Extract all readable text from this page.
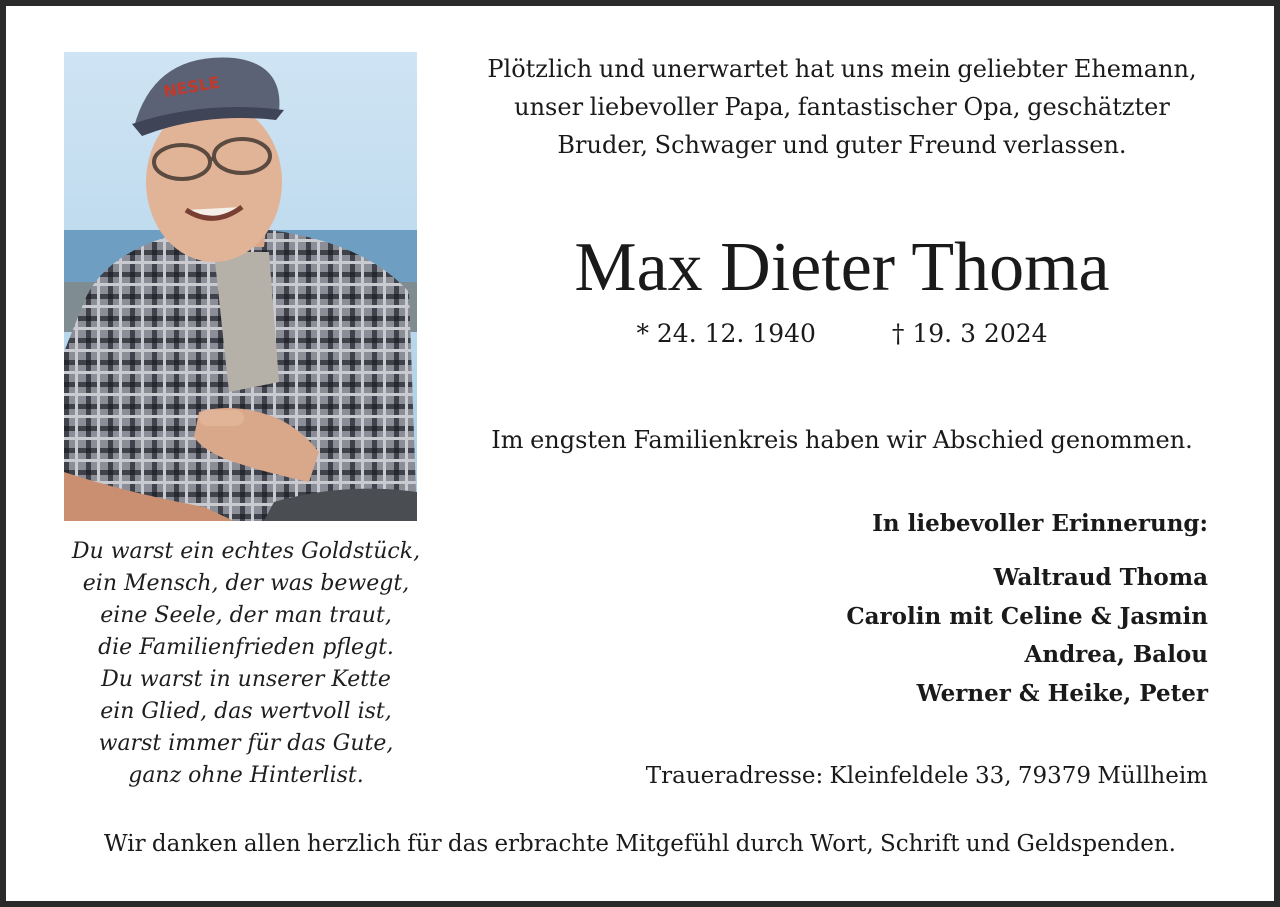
NESLE
Du warst ein echtes Goldstück,
ein Mensch, der was bewegt,
eine Seele, der man traut,
die Familienfrieden pflegt.
Du warst in unserer Kette
ein Glied, das wertvoll ist,
warst immer für das Gute,
ganz ohne Hinterlist.
Plötzlich und unerwartet hat uns mein geliebter Ehemann,
unser liebevoller Papa, fantastischer Opa, geschätzter
Bruder, Schwager und guter Freund verlassen.
Max Dieter Thoma
* 24. 12. 1940	† 19. 3 2024
Im engsten Familienkreis haben wir Abschied genommen.
In liebevoller Erinnerung:
Waltraud Thoma
Carolin mit Celine & Jasmin
Andrea, Balou
Werner & Heike, Peter
Traueradresse: Kleinfeldele 33, 79379 Müllheim
Wir danken allen herzlich für das erbrachte Mitgefühl durch Wort, Schrift und Geldspenden.
